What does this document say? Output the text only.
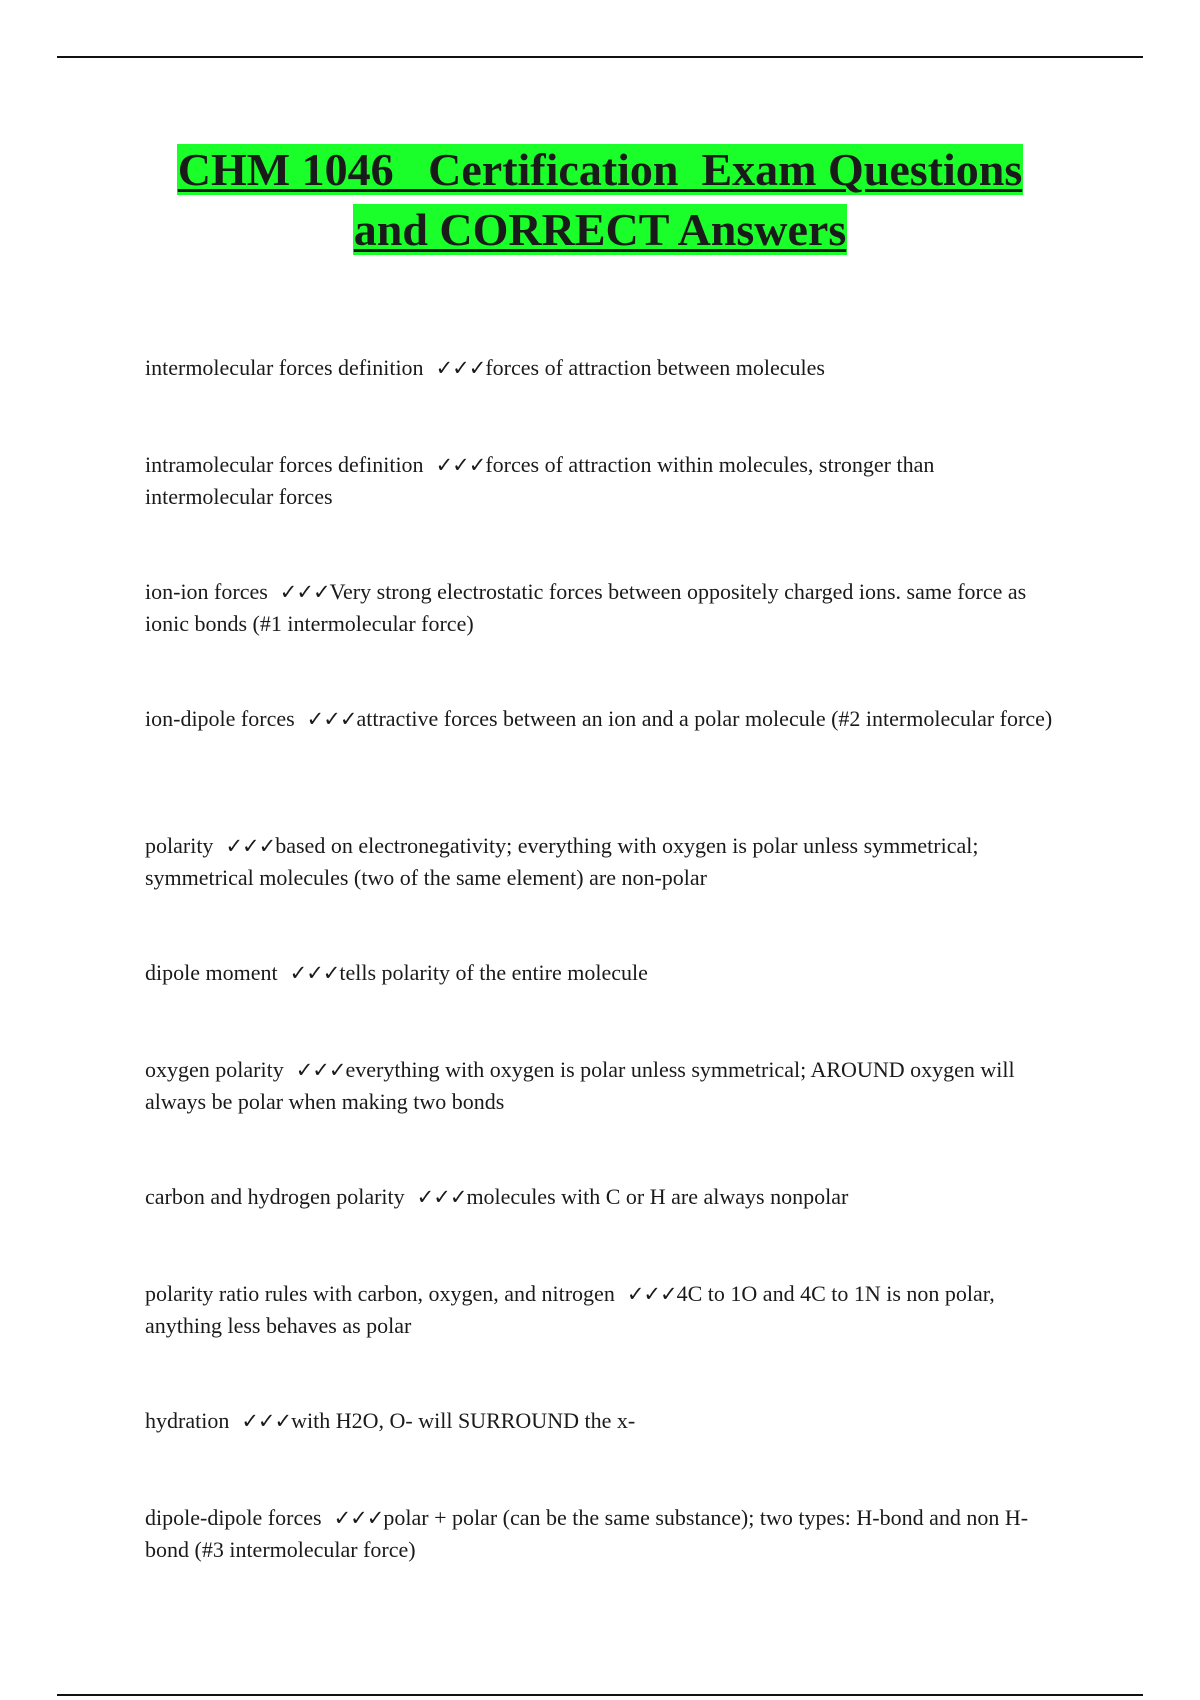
CHM 1046   Certification  Exam Questions
and CORRECT Answers

intermolecular forces definition ✓✓✓forces of attraction between molecules

intramolecular forces definition ✓✓✓forces of attraction within molecules, stronger than intermolecular forces

ion-ion forces ✓✓✓Very strong electrostatic forces between oppositely charged ions. same force as ionic bonds (#1 intermolecular force)

ion-dipole forces ✓✓✓attractive forces between an ion and a polar molecule (#2 intermolecular force)

polarity ✓✓✓based on electronegativity; everything with oxygen is polar unless symmetrical; symmetrical molecules (two of the same element) are non-polar

dipole moment ✓✓✓tells polarity of the entire molecule

oxygen polarity ✓✓✓everything with oxygen is polar unless symmetrical; AROUND oxygen will always be polar when making two bonds

carbon and hydrogen polarity ✓✓✓molecules with C or H are always nonpolar

polarity ratio rules with carbon, oxygen, and nitrogen ✓✓✓4C to 1O and 4C to 1N is non polar, anything less behaves as polar

hydration ✓✓✓with H2O, O- will SURROUND the x-

dipole-dipole forces ✓✓✓polar + polar (can be the same substance); two types: H-bond and non H-bond (#3 intermolecular force)
